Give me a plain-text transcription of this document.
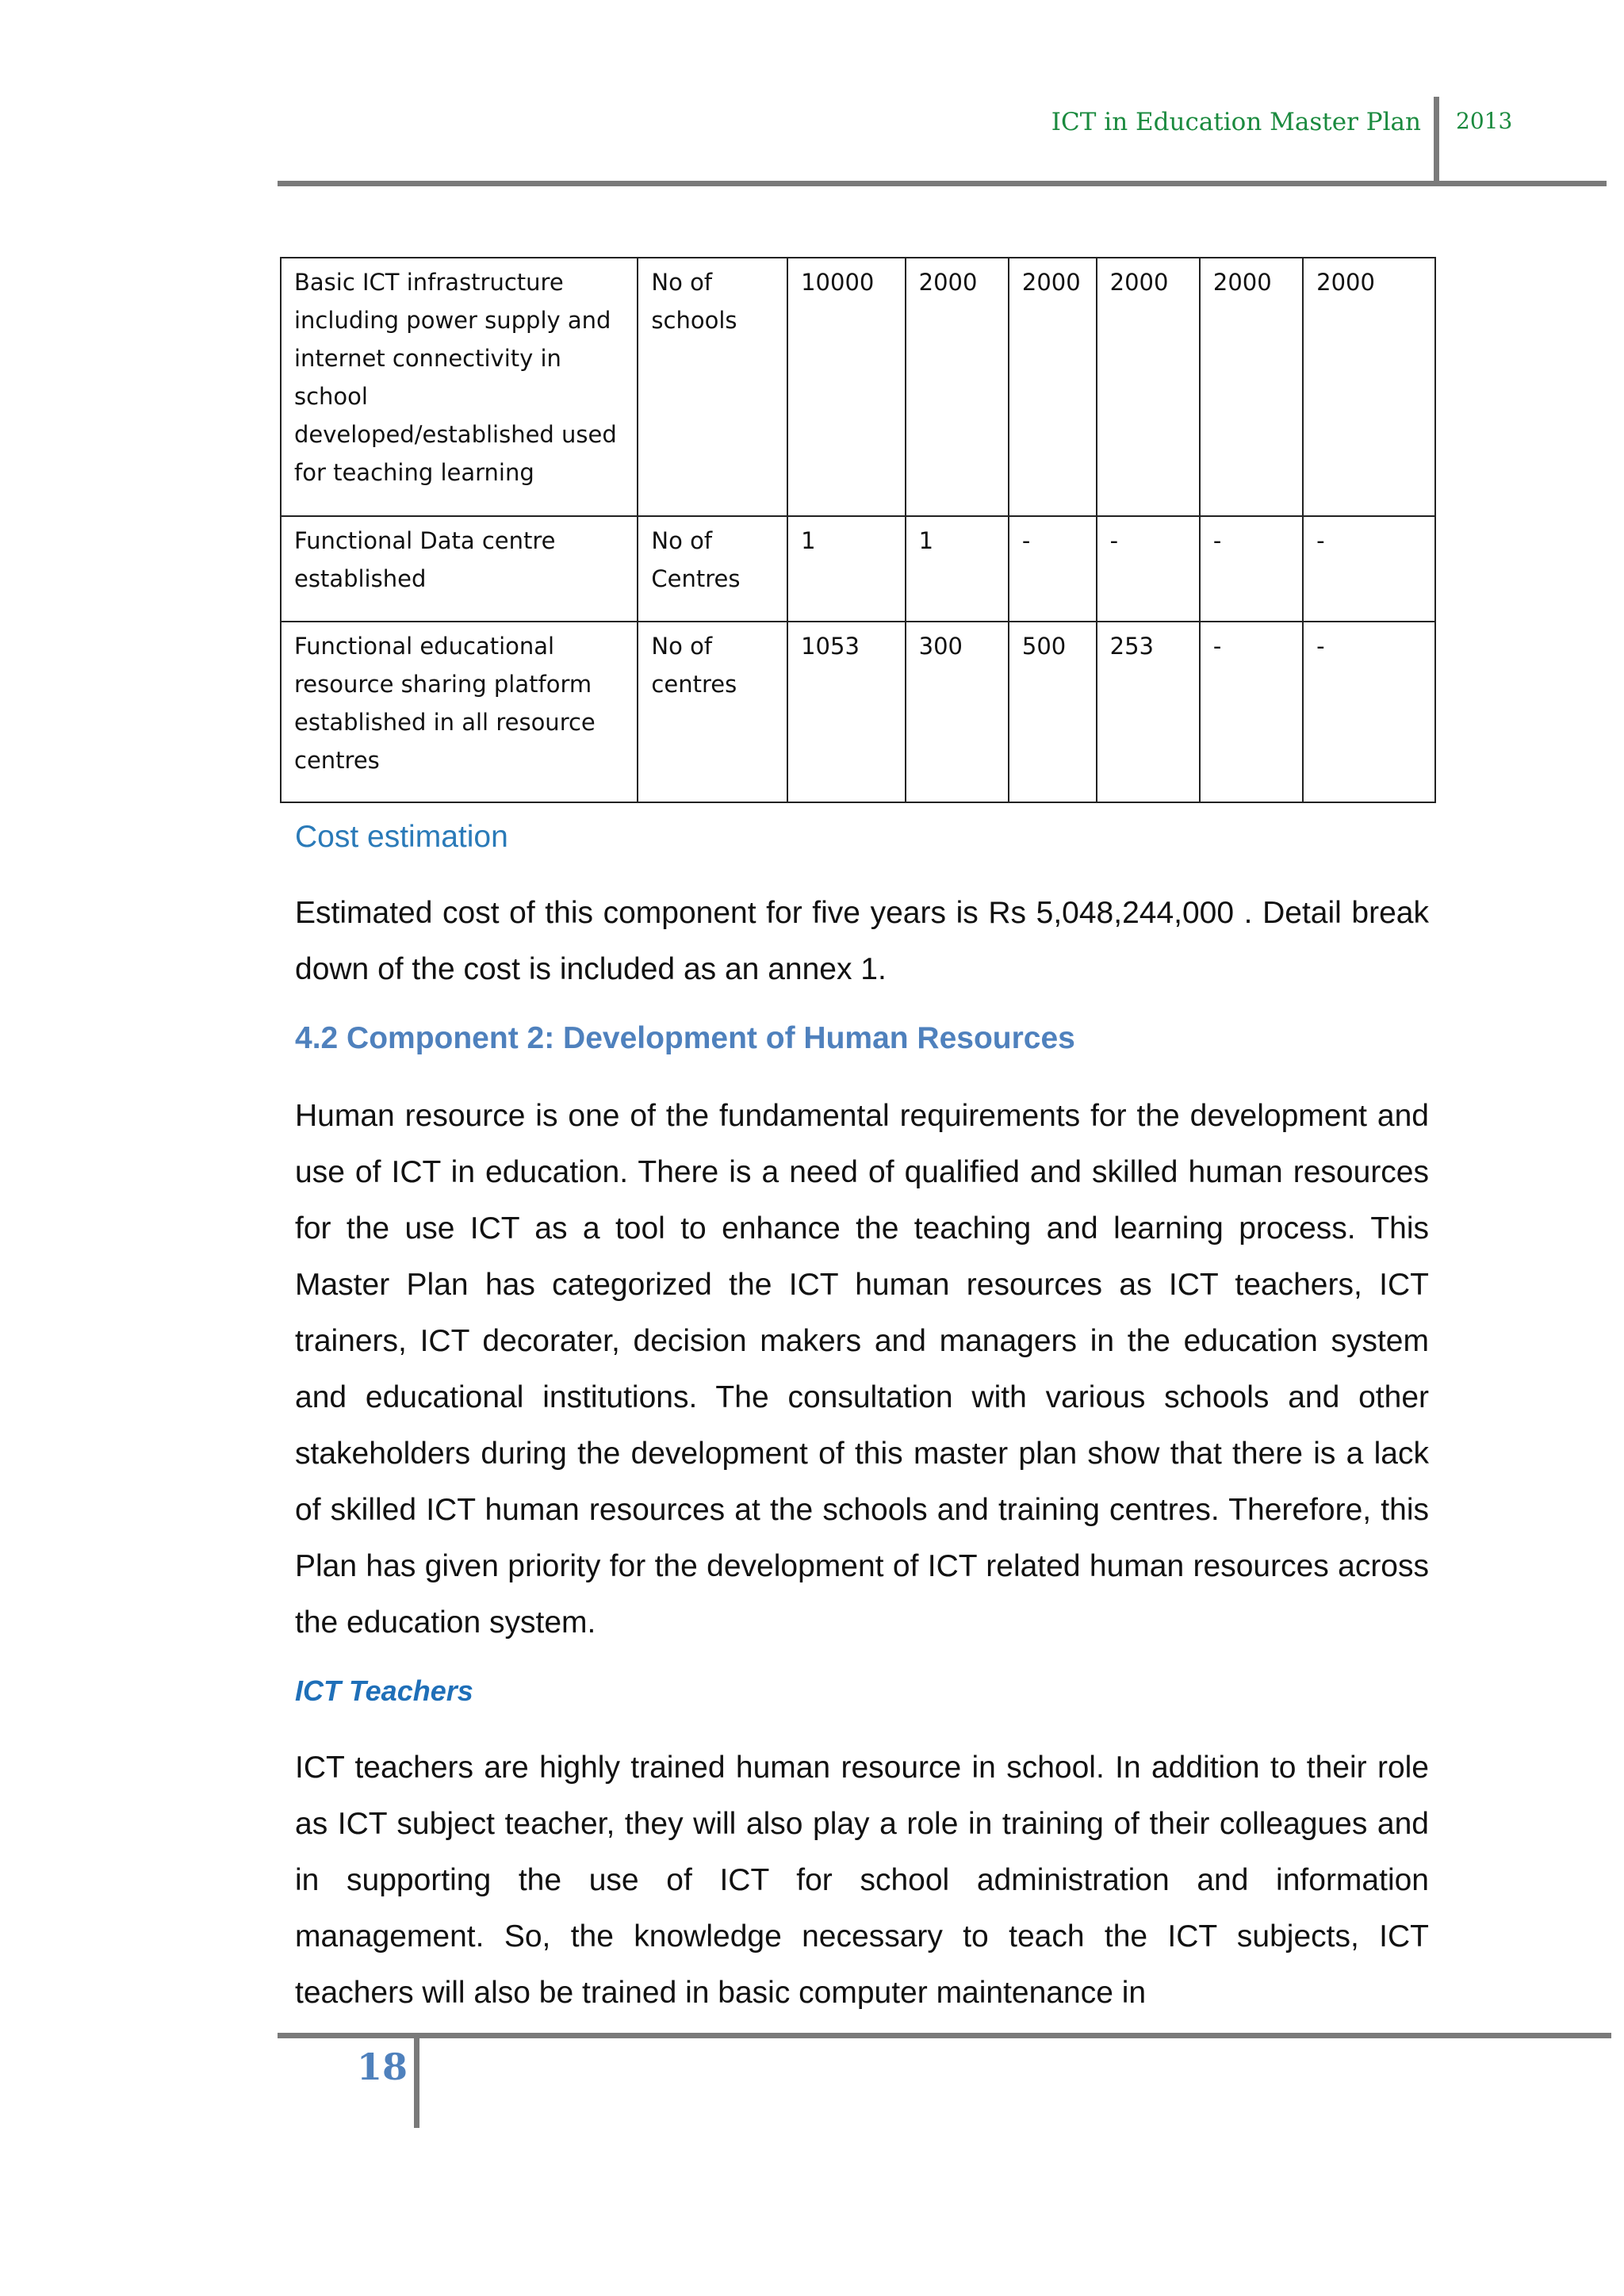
ICT in Education Master Plan 2013
Basic ICT infrastructure including power supply and internet connectivity in school developed/established used for teaching learning	No of schools	10000	2000	2000	2000	2000	2000
Functional Data centre established	No of Centres	1	1	-	-	-	-
Functional educational resource sharing platform established in all resource centres	No of centres	1053	300	500	253	-	-
Cost estimation

Estimated cost of this component for five years is Rs 5,048,244,000 . Detail break down of the cost is included as an annex 1.

4.2 Component 2: Development of Human Resources

Human resource is one of the fundamental requirements for the development and use of ICT in education. There is a need of qualified and skilled human resources for the use ICT as a tool to enhance the teaching and learning process. This Master Plan has categorized the ICT human resources as ICT teachers, ICT trainers, ICT decorater, decision makers and managers in the education system and educational institutions. The consultation with various schools and other stakeholders during the development of this master plan show that there is a lack of skilled ICT human resources at the schools and training centres. Therefore, this Plan has given priority for the development of ICT related human resources across the education system.

ICT Teachers

ICT teachers are highly trained human resource in school. In addition to their role as ICT subject teacher, they will also play a role in training of their colleagues and in supporting the use of ICT for school administration and information management. So, the knowledge necessary to teach the ICT subjects, ICT teachers will also be trained in basic computer maintenance in

18
